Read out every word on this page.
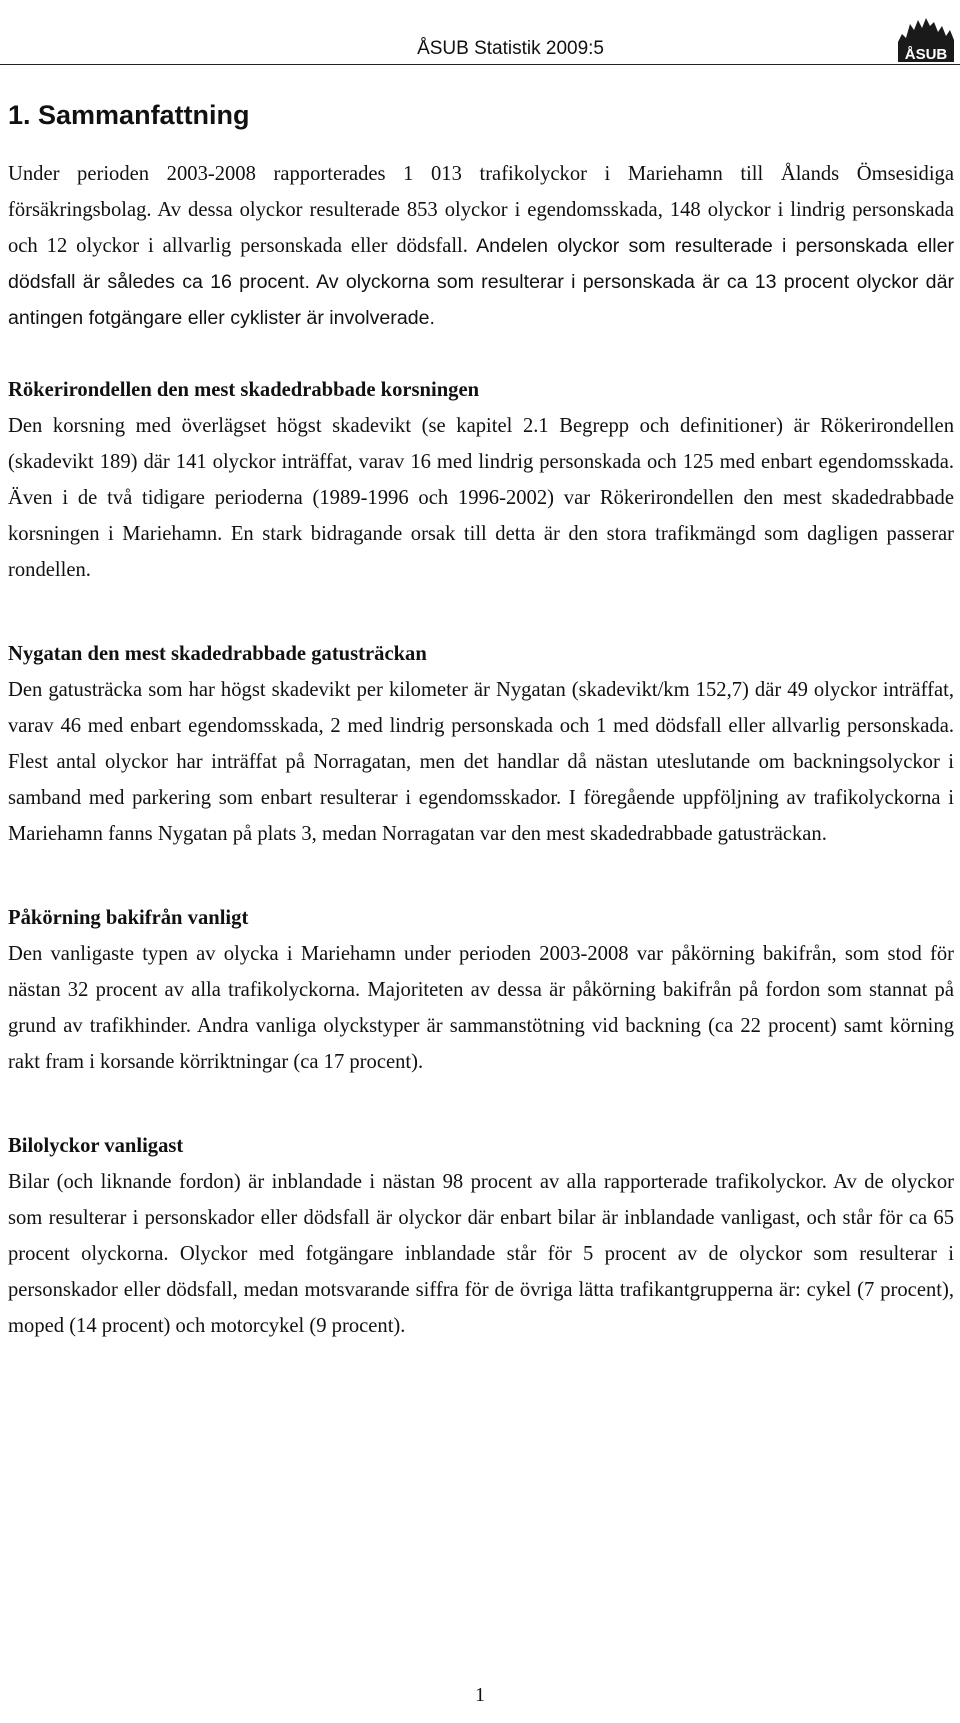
ÅSUB Statistik 2009:5	ÅSUB
1. Sammanfattning

Under perioden 2003-2008 rapporterades 1 013 trafikolyckor i Mariehamn till Ålands Ömsesidiga försäkringsbolag. Av dessa olyckor resulterade 853 olyckor i egendomsskada, 148 olyckor i lindrig personskada och 12 olyckor i allvarlig personskada eller dödsfall. Andelen olyckor som resulterade i personskada eller dödsfall är således ca 16 procent. Av olyckorna som resulterar i personskada är ca 13 procent olyckor där antingen fotgängare eller cyklister är involverade.

Rökerirondellen den mest skadedrabbade korsningen

Den korsning med överlägset högst skadevikt (se kapitel 2.1 Begrepp och definitioner) är Rökerirondellen (skadevikt 189) där 141 olyckor inträffat, varav 16 med lindrig personskada och 125 med enbart egendomsskada. Även i de två tidigare perioderna (1989-1996 och 1996-2002) var Rökerirondellen den mest skadedrabbade korsningen i Mariehamn. En stark bidragande orsak till detta är den stora trafikmängd som dagligen passerar rondellen.

Nygatan den mest skadedrabbade gatusträckan

Den gatusträcka som har högst skadevikt per kilometer är Nygatan (skadevikt/km 152,7) där 49 olyckor inträffat, varav 46 med enbart egendomsskada, 2 med lindrig personskada och 1 med dödsfall eller allvarlig personskada. Flest antal olyckor har inträffat på Norragatan, men det handlar då nästan uteslutande om backningsolyckor i samband med parkering som enbart resulterar i egendomsskador. I föregående uppföljning av trafikolyckorna i Mariehamn fanns Nygatan på plats 3, medan Norragatan var den mest skadedrabbade gatusträckan.

Påkörning bakifrån vanligt

Den vanligaste typen av olycka i Mariehamn under perioden 2003-2008 var påkörning bakifrån, som stod för nästan 32 procent av alla trafikolyckorna. Majoriteten av dessa är påkörning bakifrån på fordon som stannat på grund av trafikhinder. Andra vanliga olyckstyper är sammanstötning vid backning (ca 22 procent) samt körning rakt fram i korsande körriktningar (ca 17 procent).

Bilolyckor vanligast

Bilar (och liknande fordon) är inblandade i nästan 98 procent av alla rapporterade trafikolyckor. Av de olyckor som resulterar i personskador eller dödsfall är olyckor där enbart bilar är inblandade vanligast, och står för ca 65 procent olyckorna. Olyckor med fotgängare inblandade står för 5 procent av de olyckor som resulterar i personskador eller dödsfall, medan motsvarande siffra för de övriga lätta trafikantgrupperna är: cykel (7 procent), moped (14 procent) och motorcykel (9 procent).

1
